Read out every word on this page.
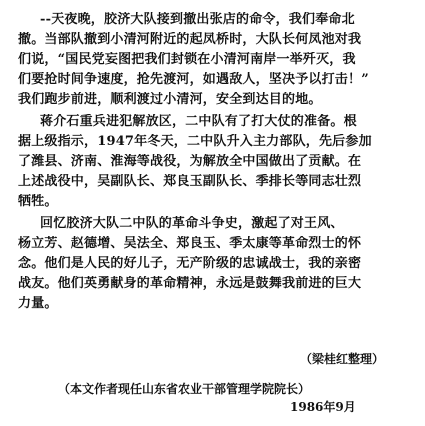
--天夜晚，胶济大队接到撤出张店的命令，我们奉命北
撤。当部队撤到小清河附近的起凤桥时，大队长何凤池对我
们说，“国民党妄图把我们封锁在小清河南岸一举歼灭，我
们要抢时间争速度，抢先渡河，如遇敌人，坚决予以打击！”
我们跑步前进，顺利渡过小清河，安全到达目的地。
蒋介石重兵进犯解放区，二中队有了打大仗的准备。根
据上级指示，1947年冬天，二中队升入主力部队，先后参加
了潍县、济南、淮海等战役，为解放全中国做出了贡献。在
上述战役中，吴副队长、郑良玉副队长、季排长等同志壮烈
牺牲。
回忆胶济大队二中队的革命斗争史，激起了对王风、
杨立芳、赵德增、吴法全、郑良玉、季太康等革命烈士的怀
念。他们是人民的好儿子，无产阶级的忠诚战士，我的亲密
战友。他们英勇献身的革命精神，永远是鼓舞我前进的巨大
力量。
（梁桂红整理）
（本文作者现任山东省农业干部管理学院院长）
1986年9月
